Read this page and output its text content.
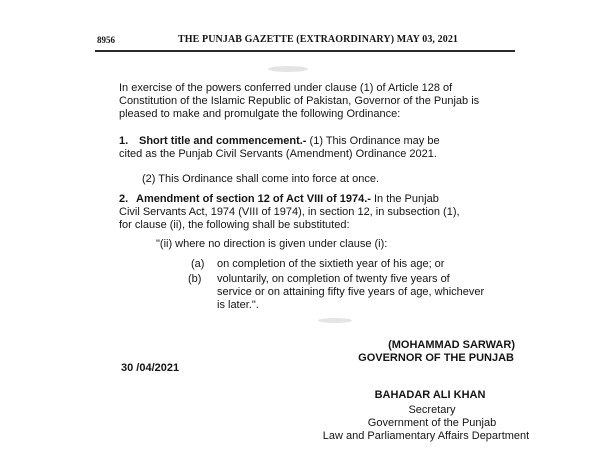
8956	THE PUNJAB GAZETTE (EXTRAORDINARY) MAY 03, 2021
In exercise of the powers conferred under clause (1) of Article 128 of
Constitution of the Islamic Republic of Pakistan, Governor of the Punjab is
pleased to make and promulgate the following Ordinance:
1. Short title and commencement.- (1) This Ordinance may be
cited as the Punjab Civil Servants (Amendment) Ordinance 2021.
(2) This Ordinance shall come into force at once.
2. Amendment of section 12 of Act VIII of 1974.- In the Punjab
Civil Servants Act, 1974 (VIII of 1974), in section 12, in subsection (1),
for clause (ii), the following shall be substituted:
"(ii) where no direction is given under clause (i):
(a) on completion of the sixtieth year of his age; or
(b) voluntarily, on completion of twenty five years of
service or on attaining fifty five years of age, whichever
is later.".
(MOHAMMAD SARWAR)
GOVERNOR OF THE PUNJAB
30 /04/2021
BAHADAR ALI KHAN
Secretary
Government of the Punjab
Law and Parliamentary Affairs Department
